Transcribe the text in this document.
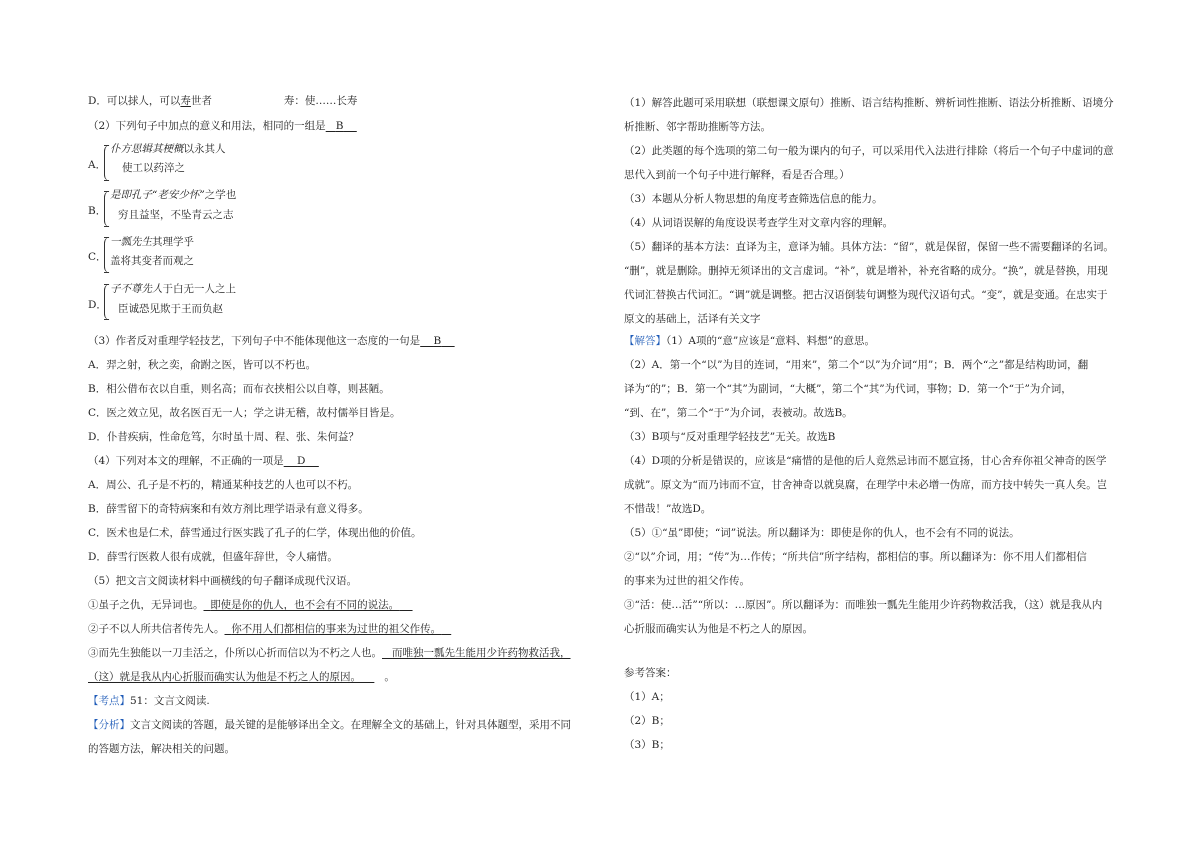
D．可以捄人，可以寿世者	寿：使……长寿
（2）下列句子中加点的意义和用法，相同的一组是 B
A．
仆方思辑其梗概以永其人
使工以药淬之
B．
是即孔子“老安少怀”之学也
穷且益坚，不坠青云之志
C．
一瓢先生其理学乎
盖将其变者而观之
D．
子不尊先人于白无一人之上
臣诚恐见欺于王而负赵
（3）作者反对重理学轻技艺，下列句子中不能体现他这一态度的一句是 B
A．羿之射，秋之奕，俞跗之医，皆可以不朽也。
B．相公借布衣以自重，则名高；而布衣挟相公以自尊，则甚陋。
C．医之效立见，故名医百无一人；学之讲无稽，故村儒举目皆是。
D．仆昔疾病，性命危笃，尔时虽十周、程、张、朱何益？
（4）下列对本文的理解，不正确的一项是 D
A．周公、孔子是不朽的，精通某种技艺的人也可以不朽。
B．薛雪留下的奇特病案和有效方剂比理学语录有意义得多。
C．医术也是仁术，薛雪通过行医实践了孔子的仁学，体现出他的价值。
D．薛雪行医救人很有成就，但盛年辞世，令人痛惜。
（5）把文言文阅读材料中画横线的句子翻译成现代汉语。
①虽子之仇，无异词也。 即使是你的仇人，也不会有不同的说法。
②子不以人所共信者传先人。 你不用人们都相信的事来为过世的祖父作传。
③而先生独能以一刀圭活之，仆所以心折而信以为不朽之人也。 而唯独一瓢先生能用少许药物救活我，
（这）就是我从内心折服而确实认为他是不朽之人的原因。 。
【考点】51：文言文阅读.
【分析】文言文阅读的答题，最关键的是能够译出全文。在理解全文的基础上，针对具体题型，采用不同
的答题方法，解决相关的问题。
（1）解答此题可采用联想（联想课文原句）推断、语言结构推断、辨析词性推断、语法分析推断、语境分
析推断、邻字帮助推断等方法。
（2）此类题的每个选项的第二句一般为课内的句子，可以采用代入法进行排除（将后一个句子中虚词的意
思代入到前一个句子中进行解释，看是否合理。）
（3）本题从分析人物思想的角度考查筛选信息的能力。
（4）从词语误解的角度设误考查学生对文章内容的理解。
（5）翻译的基本方法：直译为主，意译为辅。具体方法：“留”，就是保留，保留一些不需要翻译的名词。
“删”，就是删除。删掉无须译出的文言虚词。“补”，就是增补，补充省略的成分。“换”，就是替换，用现
代词汇替换古代词汇。“调”就是调整。把古汉语倒装句调整为现代汉语句式。“变”，就是变通。在忠实于
原文的基础上，活译有关文字
【解答】（1）A项的“意”应该是“意料、料想”的意思。
（2）A．第一个“以”为目的连词，“用来”，第二个“以”为介词“用”；B．两个“之”都是结构助词，翻
译为“的”；B．第一个“其”为副词，“大概”，第二个“其”为代词，事物；D．第一个“于”为介词，
“到、在”，第二个“于”为介词，表被动。故选B。
（3）B项与“反对重理学轻技艺”无关。故选B
（4）D项的分析是错误的，应该是“痛惜的是他的后人竟然忌讳而不愿宣扬，甘心舍弃你祖父神奇的医学
成就”。原文为“而乃讳而不宣，甘舍神奇以就臭腐，在理学中未必增一伪席，而方技中转失一真人矣。岂
不惜哉！”故选D。
（5）①“虽”即使；“词”说法。所以翻译为：即使是你的仇人，也不会有不同的说法。
②“以”介词，用；“传”为…作传；“所共信”所字结构，都相信的事。所以翻译为：你不用人们都相信
的事来为过世的祖父作传。
③“活：使…活”“所以：…原因”。所以翻译为：而唯独一瓢先生能用少许药物救活我，（这）就是我从内
心折服而确实认为他是不朽之人的原因。
参考答案：
（1）A；
（2）B；
（3）B；
